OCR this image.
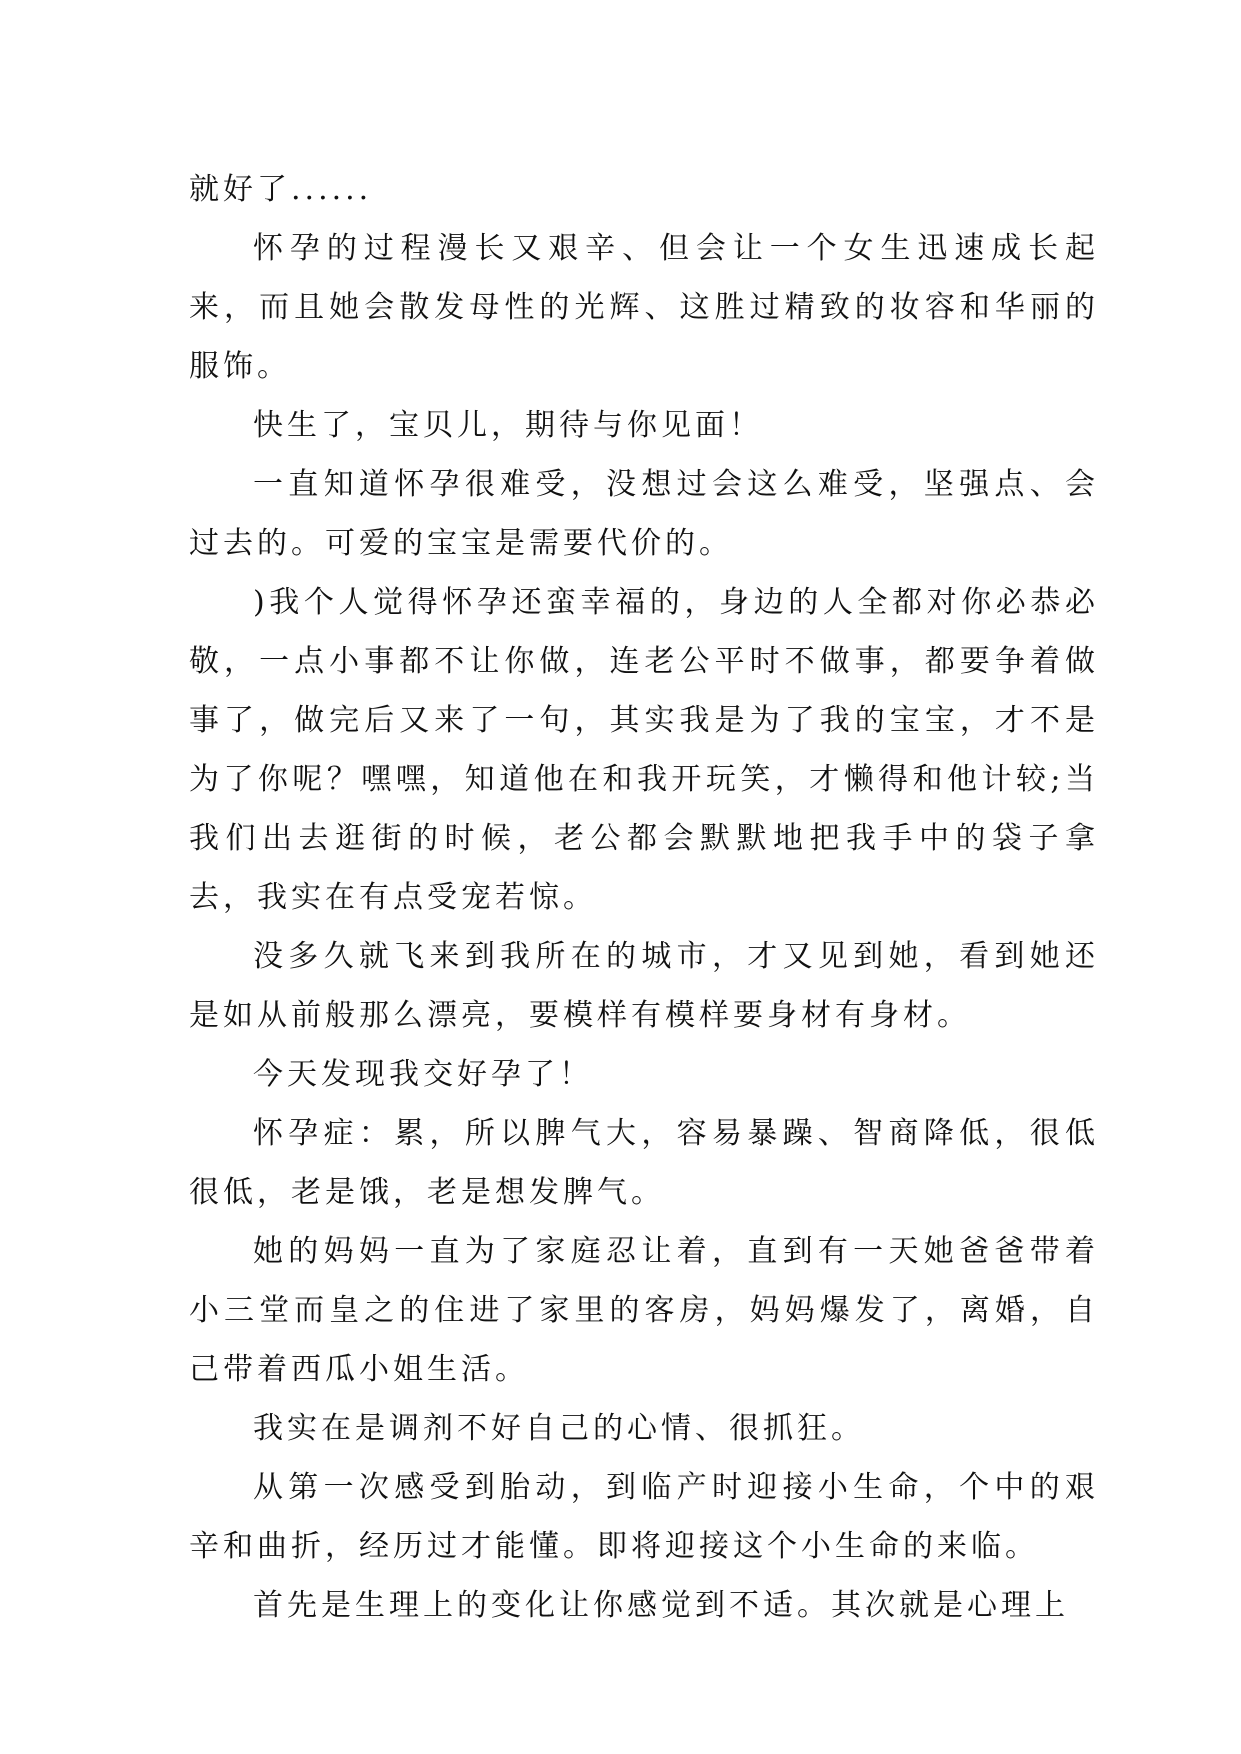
就好了......

怀孕的过程漫长又艰辛、但会让一个女生迅速成长起来，而且她会散发母性的光辉、这胜过精致的妆容和华丽的服饰。

快生了，宝贝儿，期待与你见面！

一直知道怀孕很难受，没想过会这么难受，坚强点、会过去的。可爱的宝宝是需要代价的。

)我个人觉得怀孕还蛮幸福的，身边的人全都对你必恭必敬，一点小事都不让你做，连老公平时不做事，都要争着做事了，做完后又来了一句，其实我是为了我的宝宝，才不是为了你呢？嘿嘿，知道他在和我开玩笑，才懒得和他计较;当我们出去逛街的时候，老公都会默默地把我手中的袋子拿去，我实在有点受宠若惊。

没多久就飞来到我所在的城市，才又见到她，看到她还是如从前般那么漂亮，要模样有模样要身材有身材。

今天发现我交好孕了！

怀孕症：累，所以脾气大，容易暴躁、智商降低，很低很低，老是饿，老是想发脾气。

她的妈妈一直为了家庭忍让着，直到有一天她爸爸带着小三堂而皇之的住进了家里的客房，妈妈爆发了，离婚，自己带着西瓜小姐生活。

我实在是调剂不好自己的心情、很抓狂。

从第一次感受到胎动，到临产时迎接小生命，个中的艰辛和曲折，经历过才能懂。即将迎接这个小生命的来临。

首先是生理上的变化让你感觉到不适。其次就是心理上
